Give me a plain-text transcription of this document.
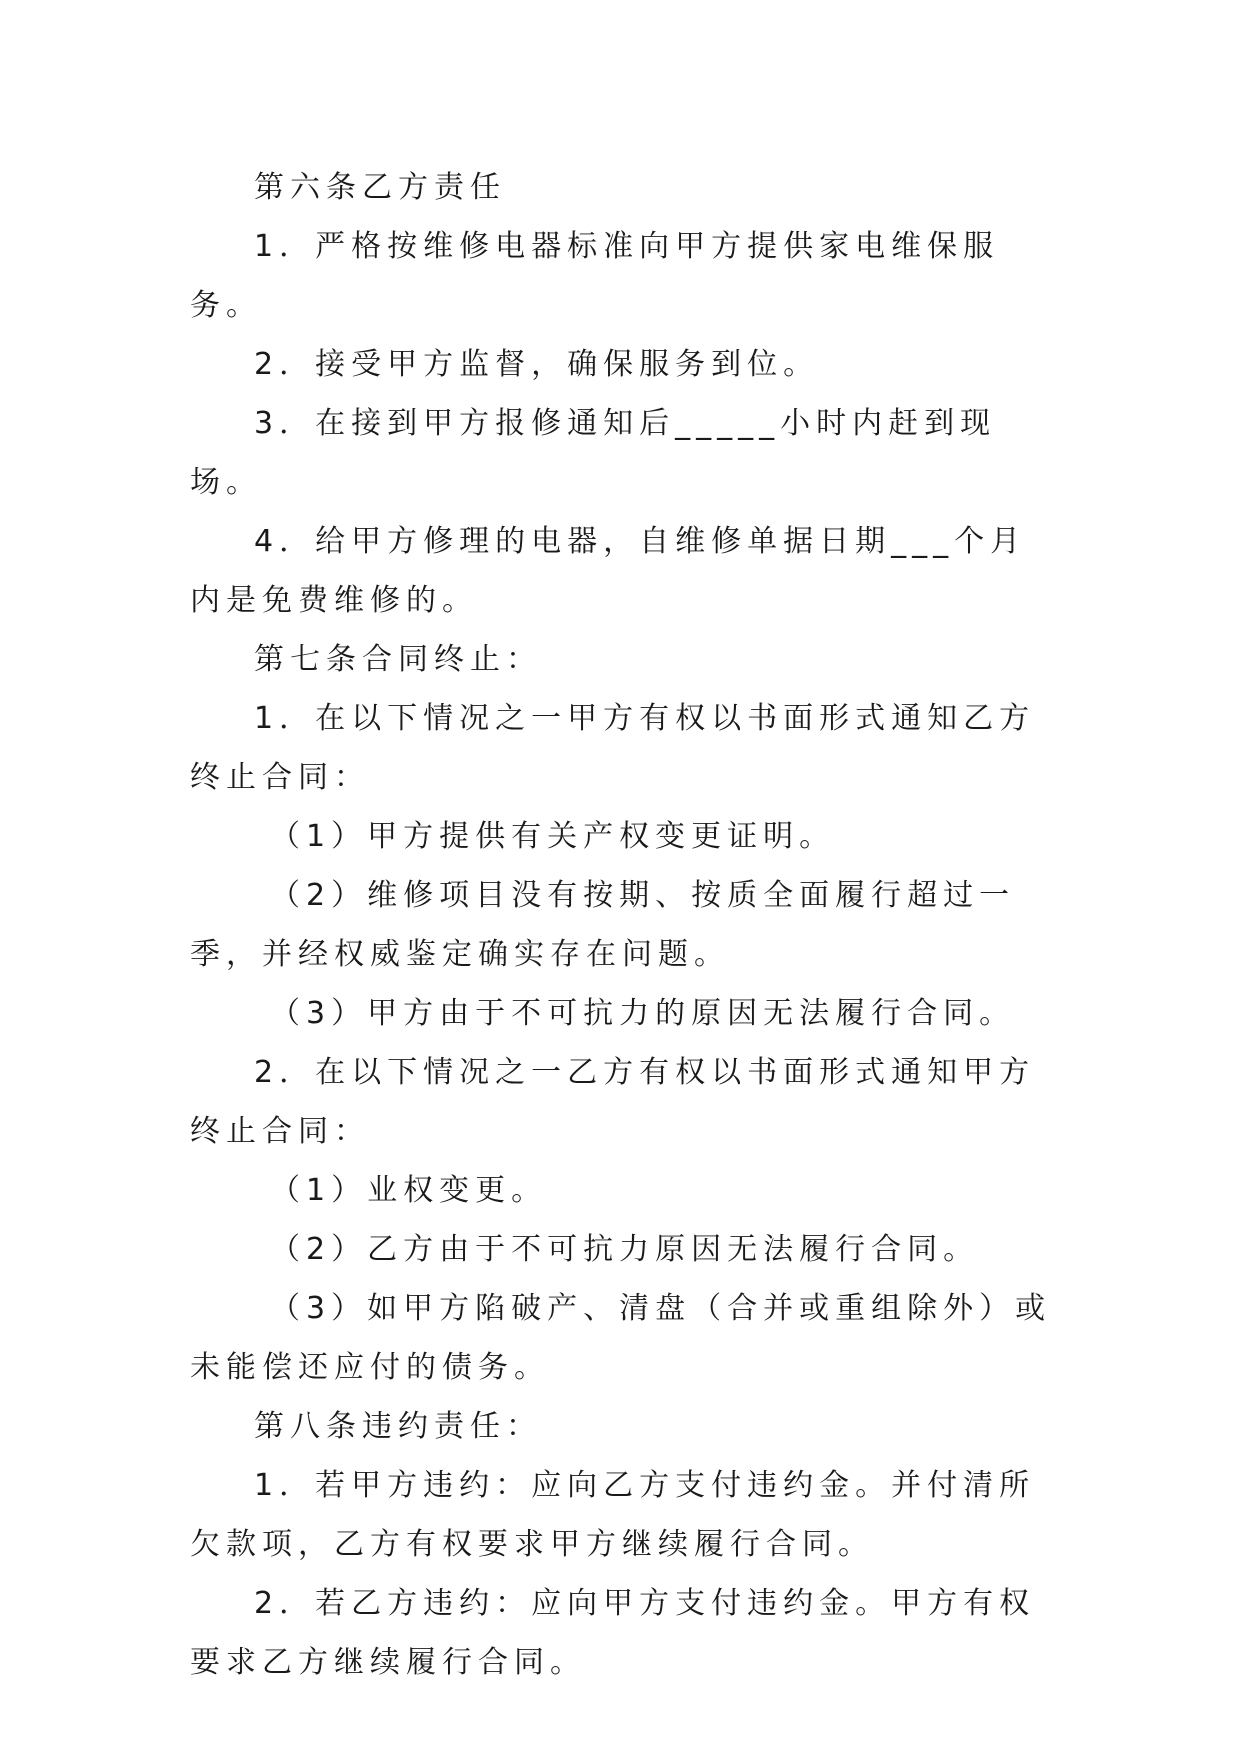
第六条乙方责任

1．严格按维修电器标准向甲方提供家电维保服务。

2．接受甲方监督，确保服务到位。

3．在接到甲方报修通知后_____小时内赶到现场。

4．给甲方修理的电器，自维修单据日期___个月内是免费维修的。

第七条合同终止：

1．在以下情况之一甲方有权以书面形式通知乙方终止合同：

（1）甲方提供有关产权变更证明。

（2）维修项目没有按期、按质全面履行超过一季，并经权威鉴定确实存在问题。

（3）甲方由于不可抗力的原因无法履行合同。

2．在以下情况之一乙方有权以书面形式通知甲方终止合同：

（1）业权变更。

（2）乙方由于不可抗力原因无法履行合同。

（3）如甲方陷破产、清盘（合并或重组除外）或未能偿还应付的债务。

第八条违约责任：

1．若甲方违约：应向乙方支付违约金。并付清所欠款项，乙方有权要求甲方继续履行合同。

2．若乙方违约：应向甲方支付违约金。甲方有权要求乙方继续履行合同。
